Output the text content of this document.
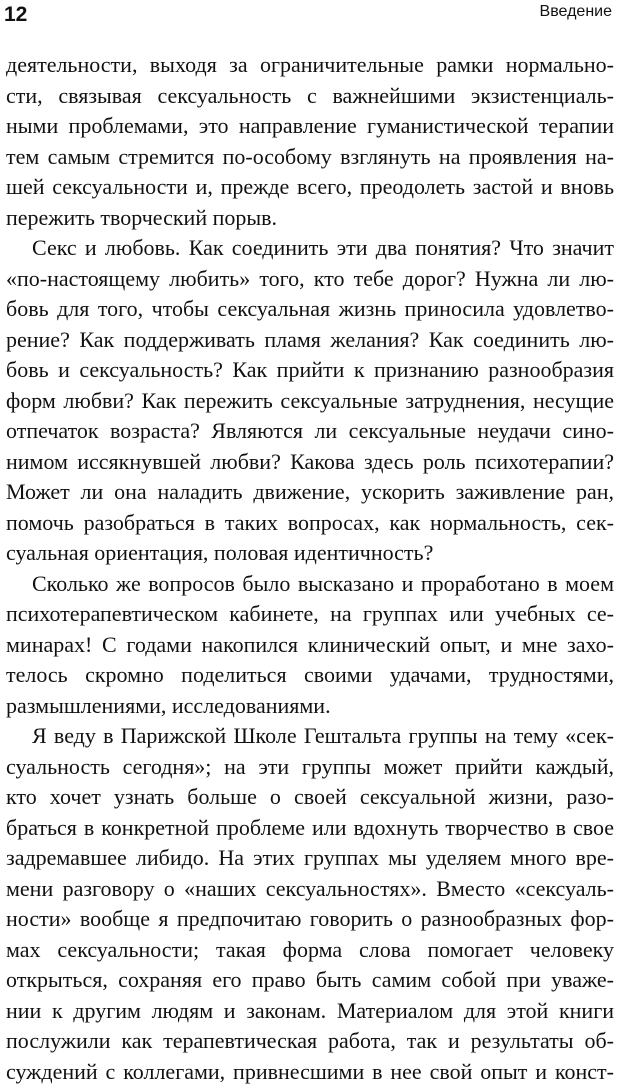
12	Введение
деятельности, выходя за ограничительные рамки нормально-
сти, связывая сексуальность с важнейшими экзистенциаль-
ными проблемами, это направление гуманистической терапии
тем самым стремится по-особому взглянуть на проявления на-
шей сексуальности и, прежде всего, преодолеть застой и вновь
пережить творческий порыв.
Секс и любовь. Как соединить эти два понятия? Что значит
«по-настоящему любить» того, кто тебе дорог? Нужна ли лю-
бовь для того, чтобы сексуальная жизнь приносила удовлетво-
рение? Как поддерживать пламя желания? Как соединить лю-
бовь и сексуальность? Как прийти к признанию разнообразия
форм любви? Как пережить сексуальные затруднения, несущие
отпечаток возраста? Являются ли сексуальные неудачи сино-
нимом иссякнувшей любви? Какова здесь роль психотерапии?
Может ли она наладить движение, ускорить заживление ран,
помочь разобраться в таких вопросах, как нормальность, сек-
суальная ориентация, половая идентичность?
Сколько же вопросов было высказано и проработано в моем
психотерапевтическом кабинете, на группах или учебных се-
минарах! С годами накопился клинический опыт, и мне захо-
телось скромно поделиться своими удачами, трудностями,
размышлениями, исследованиями.
Я веду в Парижской Школе Гештальта группы на тему «сек-
суальность сегодня»; на эти группы может прийти каждый,
кто хочет узнать больше о своей сексуальной жизни, разо-
браться в конкретной проблеме или вдохнуть творчество в свое
задремавшее либидо. На этих группах мы уделяем много вре-
мени разговору о «наших сексуальностях». Вместо «сексуаль-
ности» вообще я предпочитаю говорить о разнообразных фор-
мах сексуальности; такая форма слова помогает человеку
открыться, сохраняя его право быть самим собой при уваже-
нии к другим людям и законам. Материалом для этой книги
послужили как терапевтическая работа, так и результаты об-
суждений с коллегами, привнесшими в нее свой опыт и конст-
